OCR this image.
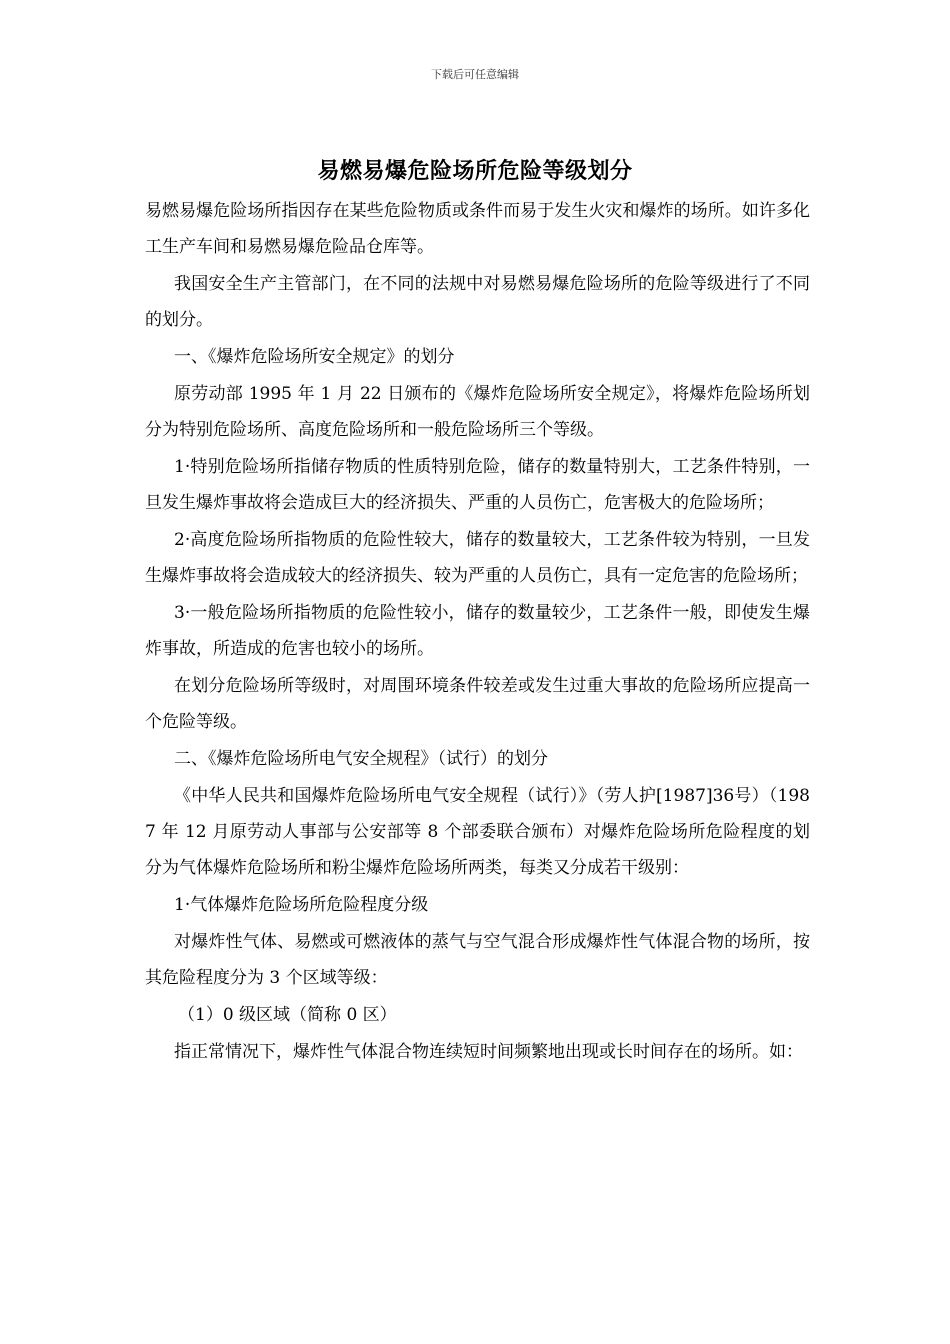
下载后可任意编辑
易燃易爆危险场所危险等级划分

易燃易爆危险场所指因存在某些危险物质或条件而易于发生火灾和爆炸的场所。如许多化工生产车间和易燃易爆危险品仓库等。

我国安全生产主管部门，在不同的法规中对易燃易爆危险场所的危险等级进行了不同的划分。

一、《爆炸危险场所安全规定》的划分

原劳动部 1995 年 1 月 22 日颁布的《爆炸危险场所安全规定》，将爆炸危险场所划分为特别危险场所、高度危险场所和一般危险场所三个等级。

1·特别危险场所指储存物质的性质特别危险，储存的数量特别大，工艺条件特别，一旦发生爆炸事故将会造成巨大的经济损失、严重的人员伤亡，危害极大的危险场所；

2·高度危险场所指物质的危险性较大，储存的数量较大，工艺条件较为特别，一旦发生爆炸事故将会造成较大的经济损失、较为严重的人员伤亡，具有一定危害的危险场所；

3·一般危险场所指物质的危险性较小，储存的数量较少，工艺条件一般，即使发生爆炸事故，所造成的危害也较小的场所。

在划分危险场所等级时，对周围环境条件较差或发生过重大事故的危险场所应提高一个危险等级。

二、《爆炸危险场所电气安全规程》（试行）的划分

《中华人民共和国爆炸危险场所电气安全规程（试行）》（劳人护[1987]36号）（1987 年 12 月原劳动人事部与公安部等 8 个部委联合颁布）对爆炸危险场所危险程度的划分为气体爆炸危险场所和粉尘爆炸危险场所两类，每类又分成若干级别：

1·气体爆炸危险场所危险程度分级

对爆炸性气体、易燃或可燃液体的蒸气与空气混合形成爆炸性气体混合物的场所，按其危险程度分为 3 个区域等级：

（1）0 级区域（简称 0 区）

指正常情况下，爆炸性气体混合物连续短时间频繁地出现或长时间存在的场所。如：
